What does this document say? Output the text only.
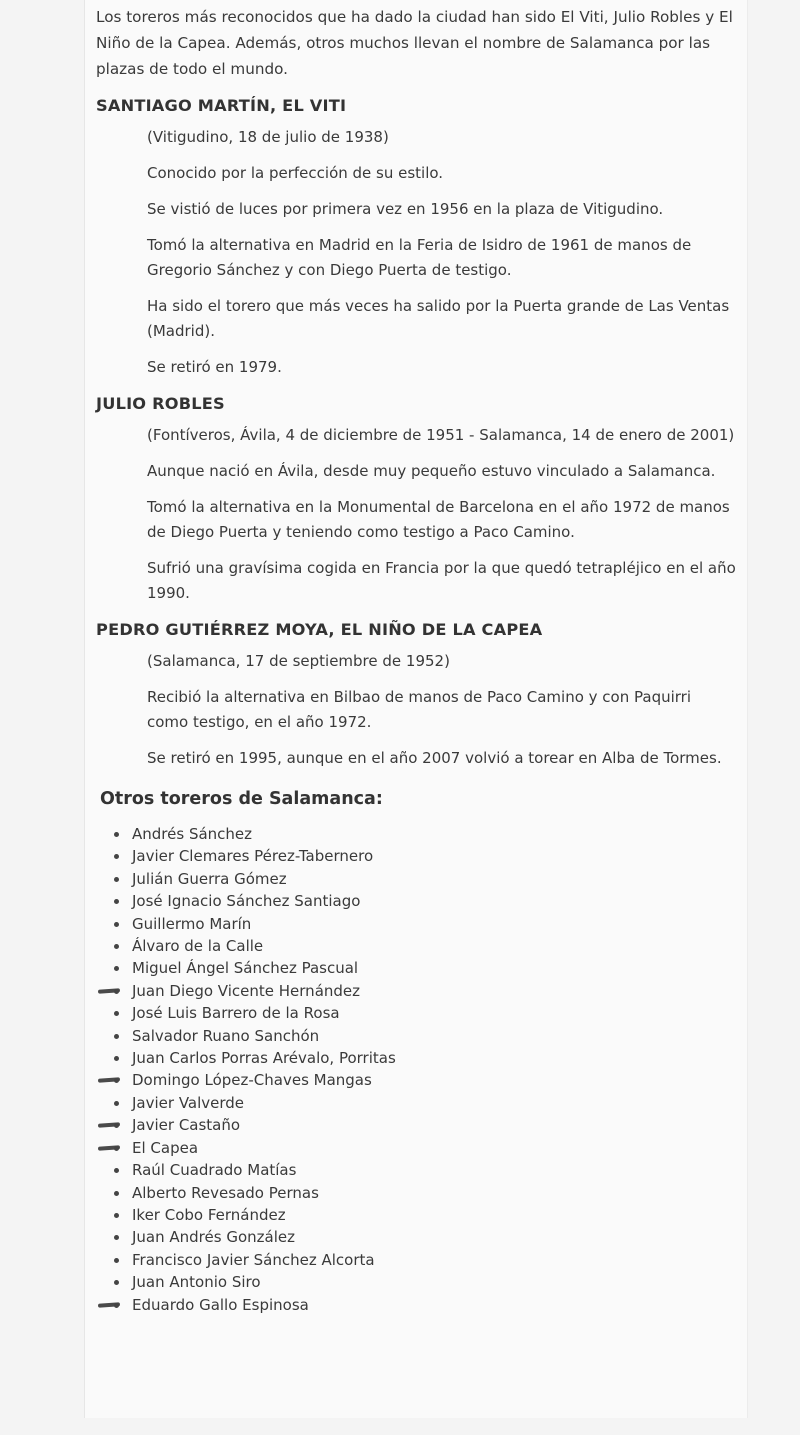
Los toreros más reconocidos que ha dado la ciudad han sido El Viti, Julio Robles y El Niño de la Capea. Además, otros muchos llevan el nombre de Salamanca por las plazas de todo el mundo.

SANTIAGO MARTÍN, EL VITI

(Vitigudino, 18 de julio de 1938)

Conocido por la perfección de su estilo.

Se vistió de luces por primera vez en 1956 en la plaza de Vitigudino.

Tomó la alternativa en Madrid en la Feria de Isidro de 1961 de manos de Gregorio Sánchez y con Diego Puerta de testigo.

Ha sido el torero que más veces ha salido por la Puerta grande de Las Ventas (Madrid).

Se retiró en 1979.

JULIO ROBLES

(Fontíveros, Ávila, 4 de diciembre de 1951 - Salamanca, 14 de enero de 2001)

Aunque nació en Ávila, desde muy pequeño estuvo vinculado a Salamanca.

Tomó la alternativa en la Monumental de Barcelona en el año 1972 de manos de Diego Puerta y teniendo como testigo a Paco Camino.

Sufrió una gravísima cogida en Francia por la que quedó tetrapléjico en el año 1990.

PEDRO GUTIÉRREZ MOYA, EL NIÑO DE LA CAPEA

(Salamanca, 17 de septiembre de 1952)

Recibió la alternativa en Bilbao de manos de Paco Camino y con Paquirri como testigo, en el año 1972.

Se retiró en 1995, aunque en el año 2007 volvió a torear en Alba de Tormes.

Otros toreros de Salamanca:
Andrés Sánchez
Javier Clemares Pérez-Tabernero
Julián Guerra Gómez
José Ignacio Sánchez Santiago
Guillermo Marín
Álvaro de la Calle
Miguel Ángel Sánchez Pascual
Juan Diego Vicente Hernández
José Luis Barrero de la Rosa
Salvador Ruano Sanchón
Juan Carlos Porras Arévalo, Porritas
Domingo López-Chaves Mangas
Javier Valverde
Javier Castaño
El Capea
Raúl Cuadrado Matías
Alberto Revesado Pernas
Iker Cobo Fernández
Juan Andrés González
Francisco Javier Sánchez Alcorta
Juan Antonio Siro
Eduardo Gallo Espinosa
